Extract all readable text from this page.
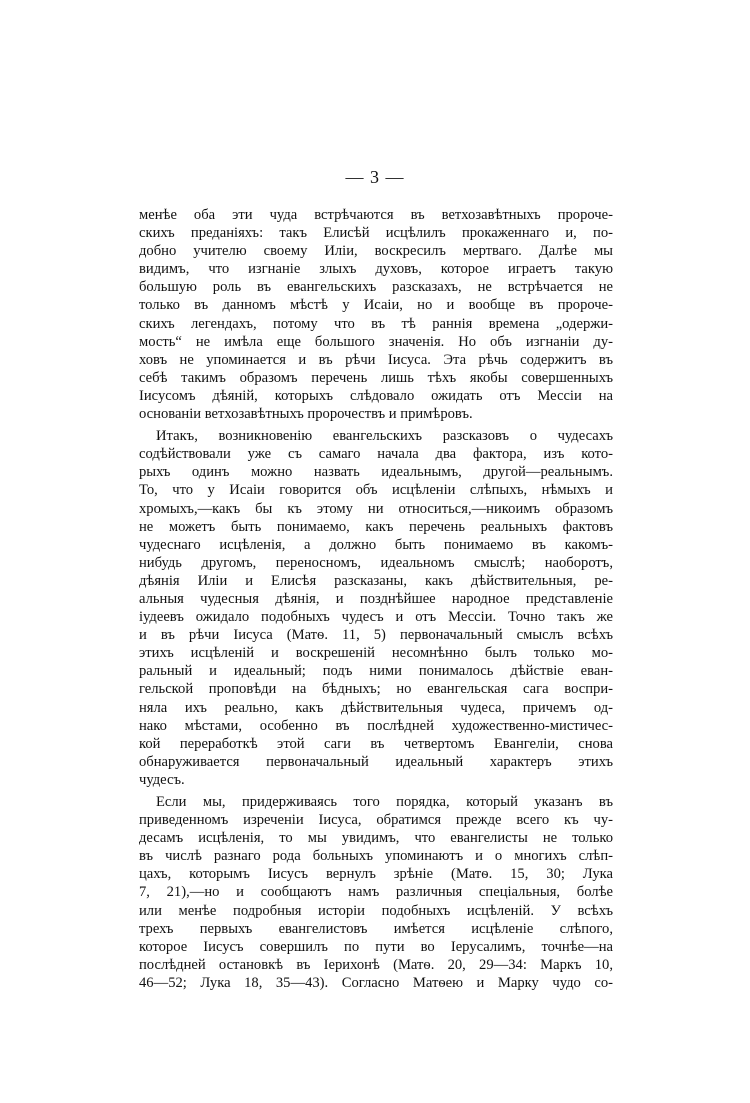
— 3 —
менѣе оба эти чуда встрѣчаются въ ветхозавѣтныхъ пророче-
скихъ преданіяхъ: такъ Елисѣй исцѣлилъ прокаженнаго и, по-
добно учителю своему Иліи, воскресилъ мертваго. Далѣе мы
видимъ, что изгнаніе злыхъ духовъ, которое играетъ такую
большую роль въ евангельскихъ разсказахъ, не встрѣчается не
только въ данномъ мѣстѣ у Исаіи, но и вообще въ пророче-
скихъ легендахъ, потому что въ тѣ раннія времена „одержи-
мость“ не имѣла еще большого значенія. Но объ изгнаніи ду-
ховъ не упоминается и въ рѣчи Іисуса. Эта рѣчь содержитъ въ
себѣ такимъ образомъ перечень лишь тѣхъ якобы совершенныхъ
Іисусомъ дѣяній, которыхъ слѣдовало ожидать отъ Мессіи на
основаніи ветхозавѣтныхъ пророчествъ и примѣровъ.
Итакъ, возникновенію евангельскихъ разсказовъ о чудесахъ
содѣйствовали уже съ самаго начала два фактора, изъ кото-
рыхъ одинъ можно назвать идеальнымъ, другой—реальнымъ.
То, что у Исаіи говорится объ исцѣленіи слѣпыхъ, нѣмыхъ и
хромыхъ,—какъ бы къ этому ни относиться,—никоимъ образомъ
не можетъ быть понимаемо, какъ перечень реальныхъ фактовъ
чудеснаго исцѣленія, а должно быть понимаемо въ какомъ-
нибудь другомъ, переносномъ, идеальномъ смыслѣ; наоборотъ,
дѣянія Иліи и Елисѣя разсказаны, какъ дѣйствительныя, ре-
альныя чудесныя дѣянія, и позднѣйшее народное представленіе
іудеевъ ожидало подобныхъ чудесъ и отъ Мессіи. Точно такъ же
и въ рѣчи Іисуса (Матѳ. 11, 5) первоначальный смыслъ всѣхъ
этихъ исцѣленій и воскрешеній несомнѣнно былъ только мо-
ральный и идеальный; подъ ними понималось дѣйствіе еван-
гельской проповѣди на бѣдныхъ; но евангельская сага воспри-
няла ихъ реально, какъ дѣйствительныя чудеса, причемъ од-
нако мѣстами, особенно въ послѣдней художественно-мистичес-
кой переработкѣ этой саги въ четвертомъ Евангеліи, снова
обнаруживается первоначальный идеальный характеръ этихъ
чудесъ.
Если мы, придерживаясь того порядка, который указанъ въ
приведенномъ изреченіи Іисуса, обратимся прежде всего къ чу-
десамъ исцѣленія, то мы увидимъ, что евангелисты не только
въ числѣ разнаго рода больныхъ упоминаютъ и о многихъ слѣп-
цахъ, которымъ Іисусъ вернулъ зрѣніе (Матѳ. 15, 30; Лука
7, 21),—но и сообщаютъ намъ различныя спеціальныя, болѣе
или менѣе подробныя исторіи подобныхъ исцѣленій. У всѣхъ
трехъ первыхъ евангелистовъ имѣется исцѣленіе слѣпого,
которое Іисусъ совершилъ по пути во Іерусалимъ, точнѣе—на
послѣдней остановкѣ въ Іерихонѣ (Матѳ. 20, 29—34: Маркъ 10,
46—52; Лука 18, 35—43). Согласно Матѳею и Марку чудо со-
